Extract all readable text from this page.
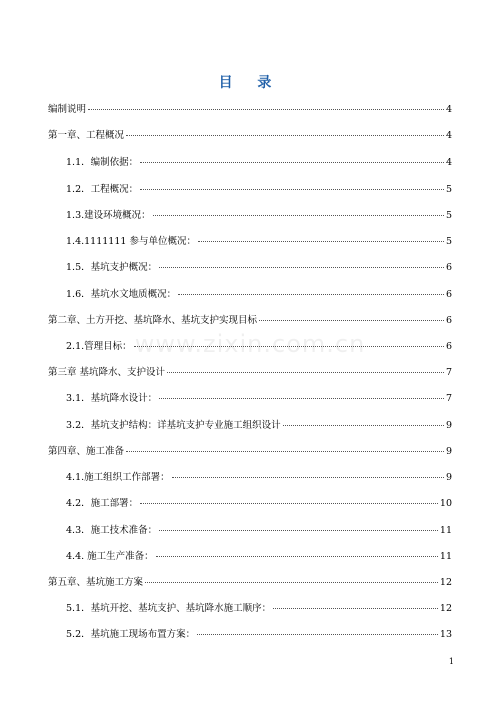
www.zixin.com.cn
目 录
编制说明	4
第一章、工程概况	4
1.1．编制依据：	4
1.2．工程概况：	5
1.3.建设环境概况：	5
1.4.1111111 参与单位概况：	5
1.5．基坑支护概况：	6
1.6．基坑水文地质概况：	6
第二章、土方开挖、基坑降水、基坑支护实现目标	6
2.1.管理目标：	6
第三章 基坑降水、支护设计	7
3.1．基坑降水设计：	7
3.2．基坑支护结构：详基坑支护专业施工组织设计	9
第四章、施工准备	9
4.1.施工组织工作部署：	9
4.2．施工部署：	10
4.3．施工技术准备：	11
4.4. 施工生产准备：	11
第五章、基坑施工方案	12
5.1．基坑开挖、基坑支护、基坑降水施工顺序：	12
5.2．基坑施工现场布置方案：	13
1
